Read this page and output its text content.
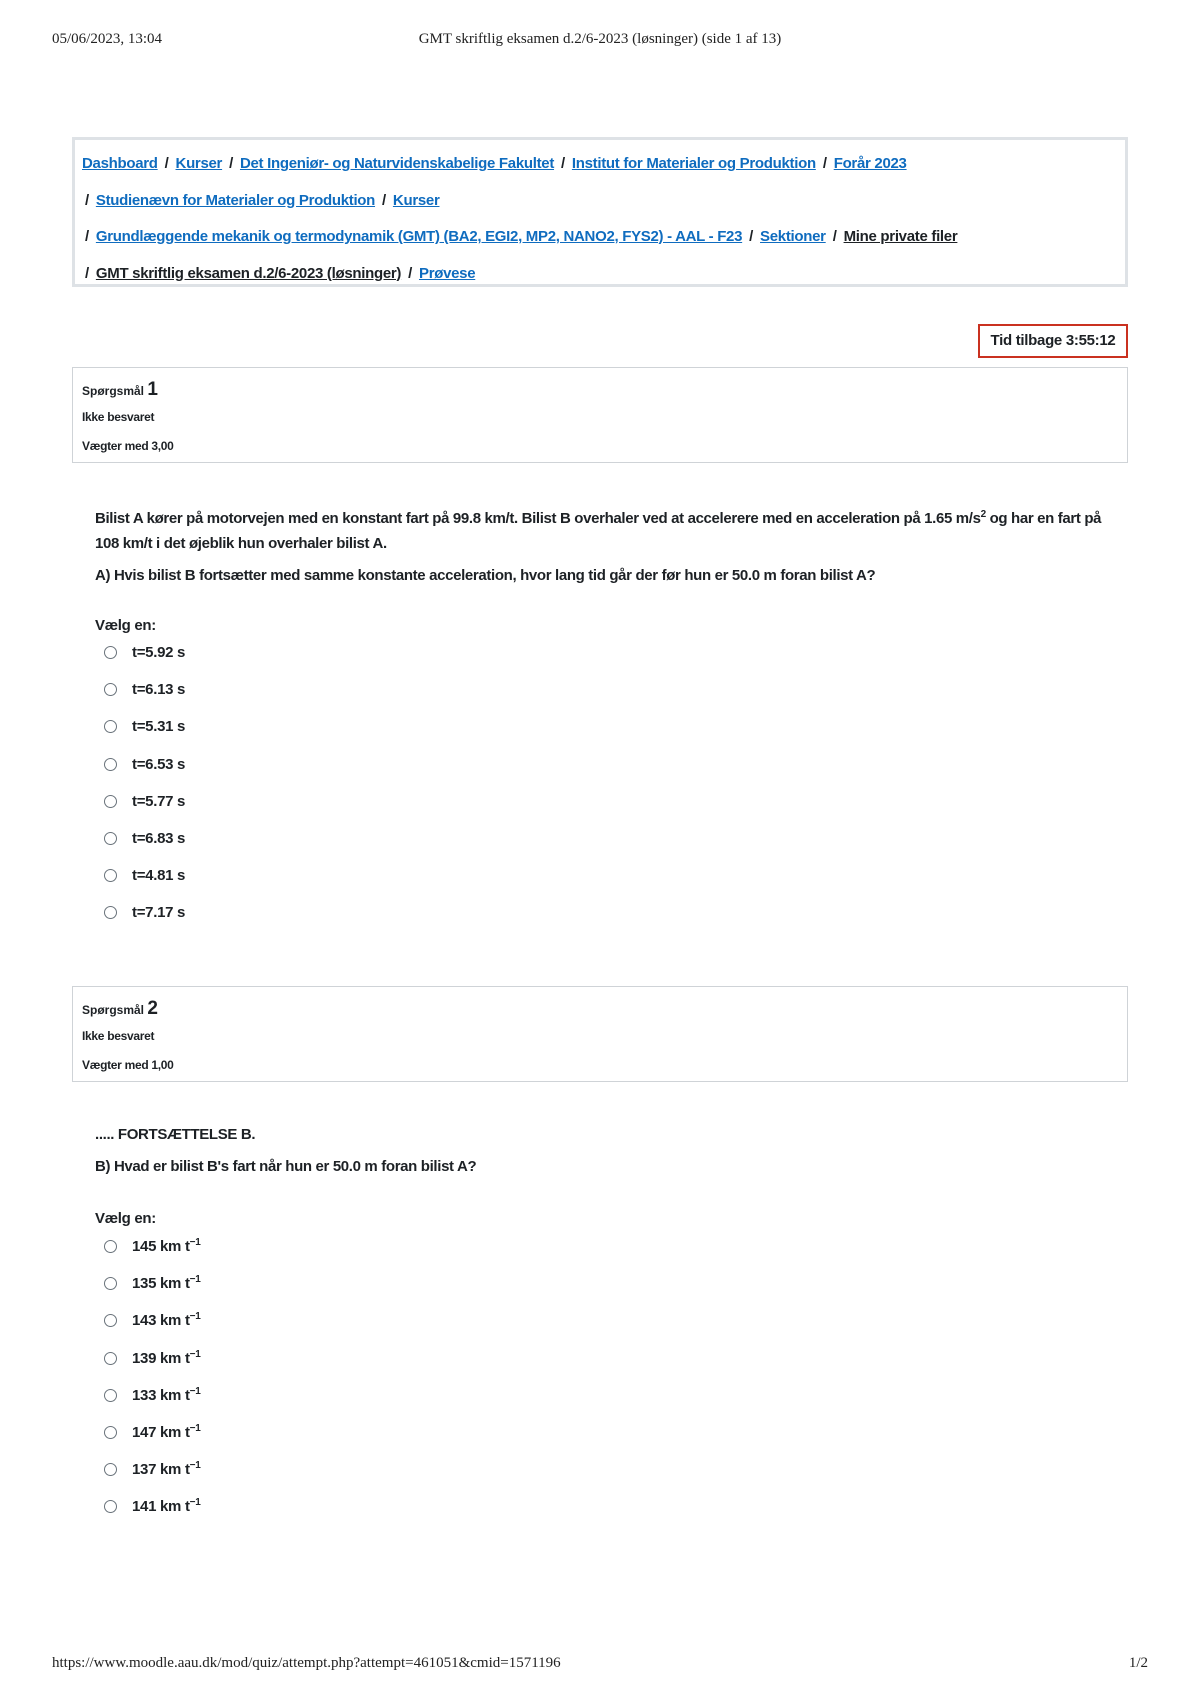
05/06/2023, 13:04	GMT skriftlig eksamen d.2/6-2023 (løsninger) (side 1 af 13)
Dashboard / Kurser / Det Ingeniør- og Naturvidenskabelige Fakultet / Institut for Materialer og Produktion / Forår 2023
/ Studienævn for Materialer og Produktion / Kurser
/ Grundlæggende mekanik og termodynamik (GMT) (BA2, EGI2, MP2, NANO2, FYS2) - AAL - F23 / Sektioner / Mine private filer
/ GMT skriftlig eksamen d.2/6-2023 (løsninger) / Prøvese
Tid tilbage 3:55:12
Spørgsmål 1
Ikke besvaret
Vægter med 3,00

Bilist A kører på motorvejen med en konstant fart på 99.8 km/t. Bilist B overhaler ved at accelerere med en acceleration på 1.65 $m/s^2$ og har en fart på 108 km/t i det øjeblik hun overhaler bilist A.

A) Hvis bilist B fortsætter med samme konstante acceleration, hvor lang tid går der før hun er 50.0 m foran bilist A?

Vælg en:
t=5.92 s
t=6.13 s
t=5.31 s
t=6.53 s
t=5.77 s
t=6.83 s
t=4.81 s
t=7.17 s
Spørgsmål 2
Ikke besvaret
Vægter med 1,00

..... FORTSÆTTELSE B.

B) Hvad er bilist B's fart når hun er 50.0 m foran bilist A?

Vælg en:
145 km $t^{-1}$
135 km $t^{-1}$
143 km $t^{-1}$
139 km $t^{-1}$
133 km $t^{-1}$
147 km $t^{-1}$
137 km $t^{-1}$
141 km $t^{-1}$
https://www.moodle.aau.dk/mod/quiz/attempt.php?attempt=461051&cmid=1571196	1/2
